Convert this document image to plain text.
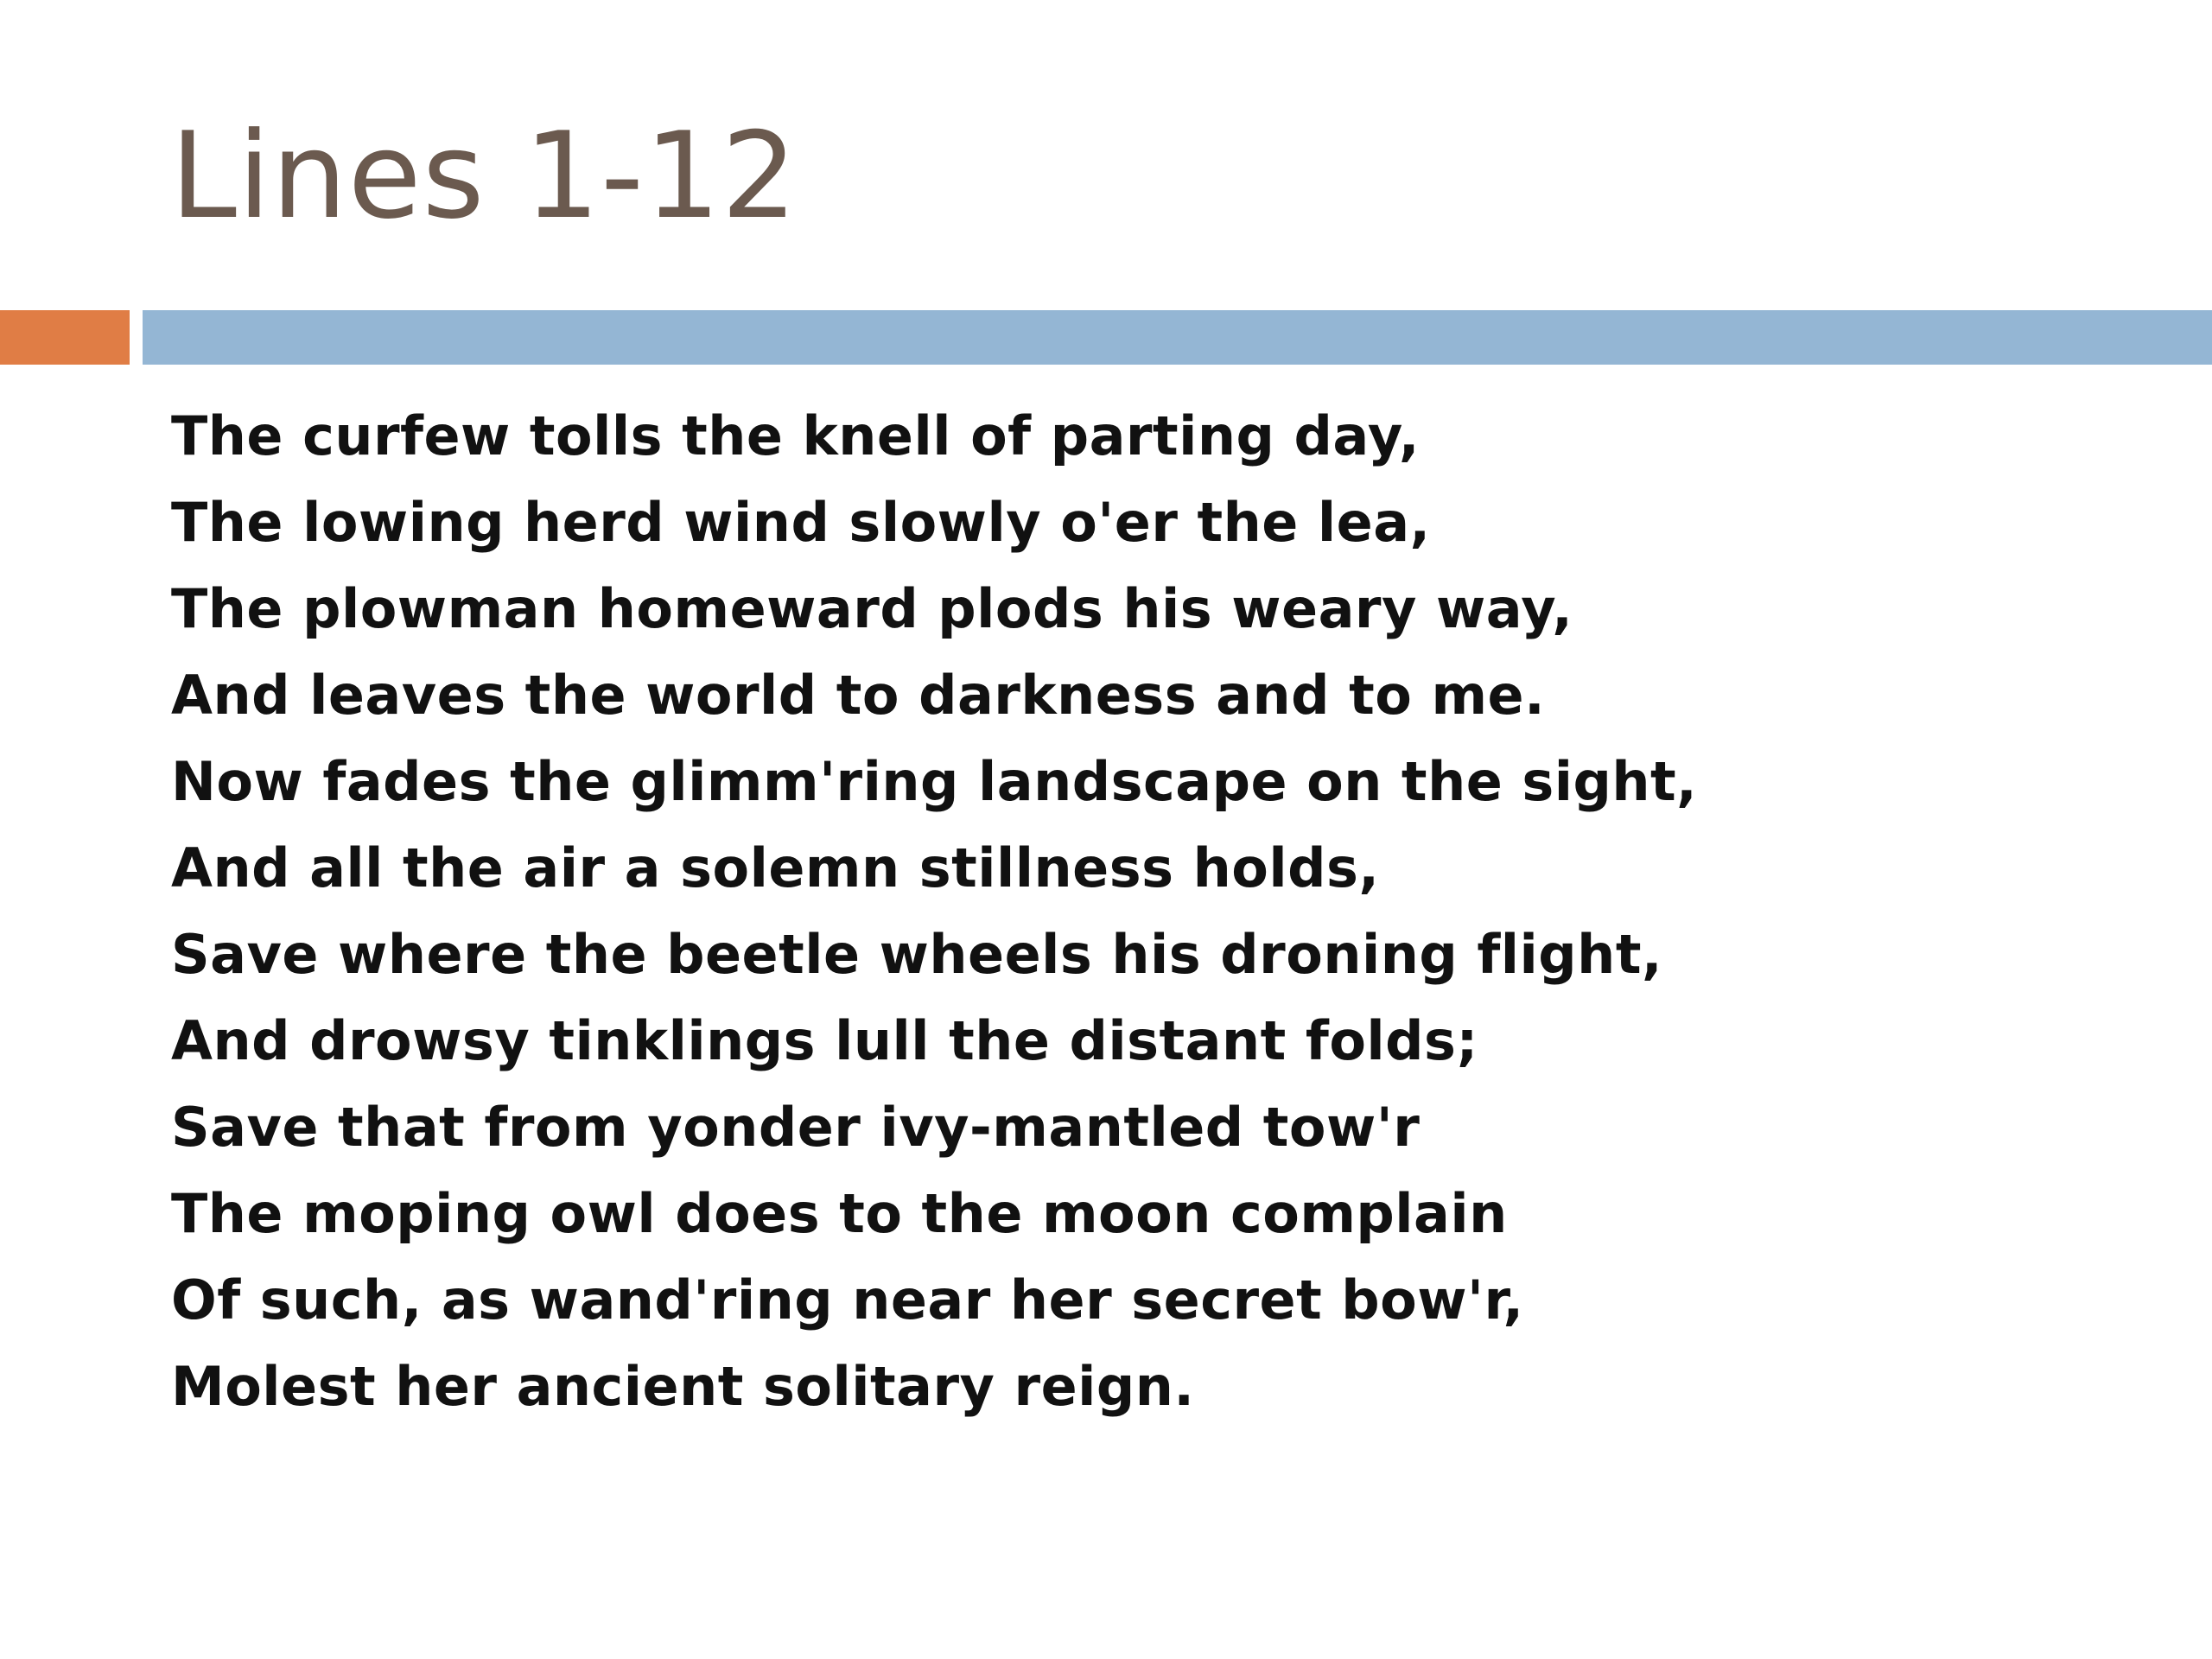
Lines 1-12
The curfew tolls the knell of parting day,
The lowing herd wind slowly o'er the lea,
The plowman homeward plods his weary way,
And leaves the world to darkness and to me.
Now fades the glimm'ring landscape on the sight,
And all the air a solemn stillness holds,
Save where the beetle wheels his droning flight,
And drowsy tinklings lull the distant folds;
Save that from yonder ivy-mantled tow'r
The moping owl does to the moon complain
Of such, as wand'ring near her secret bow'r,
Molest her ancient solitary reign.
